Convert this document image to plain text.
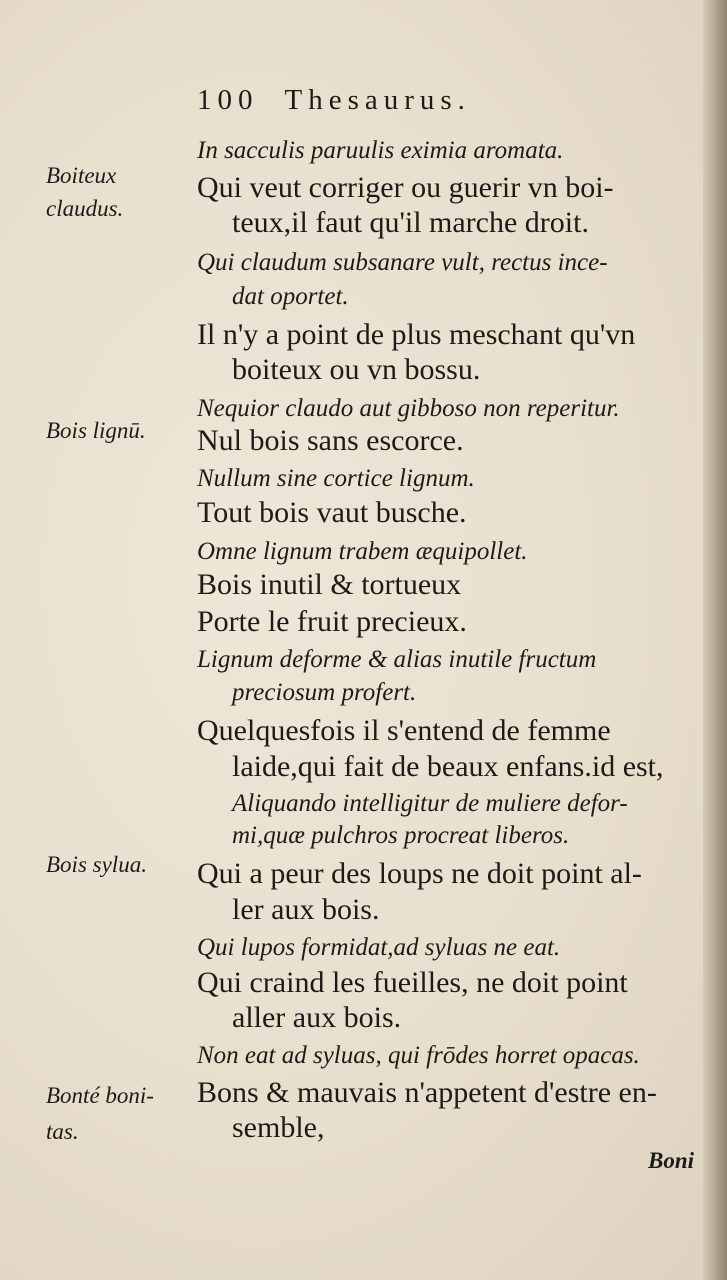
100 Thesaurus.
Boiteux
claudus.
Bois lignū.
Bois sylua.
Bonté boni-
tas.
In sacculis paruulis eximia aromata.
Qui veut corriger ou guerir vn boi-
teux,il faut qu'il marche droit.
Qui claudum subsanare vult, rectus ince-
dat oportet.
Il n'y a point de plus meschant qu'vn
boiteux ou vn bossu.
Nequior claudo aut gibboso non reperitur.
Nul bois sans escorce.
Nullum sine cortice lignum.
Tout bois vaut busche.
Omne lignum trabem æquipollet.
Bois inutil & tortueux
Porte le fruit precieux.
Lignum deforme & alias inutile fructum
preciosum profert.
Quelquesfois il s'entend de femme
laide,qui fait de beaux enfans.id est,
Aliquando intelligitur de muliere defor-
mi,quæ pulchros procreat liberos.
Qui a peur des loups ne doit point al-
ler aux bois.
Qui lupos formidat,ad syluas ne eat.
Qui craind les fueilles, ne doit point
aller aux bois.
Non eat ad syluas, qui frōdes horret opacas.
Bons & mauvais n'appetent d'estre en-
semble,
Boni
